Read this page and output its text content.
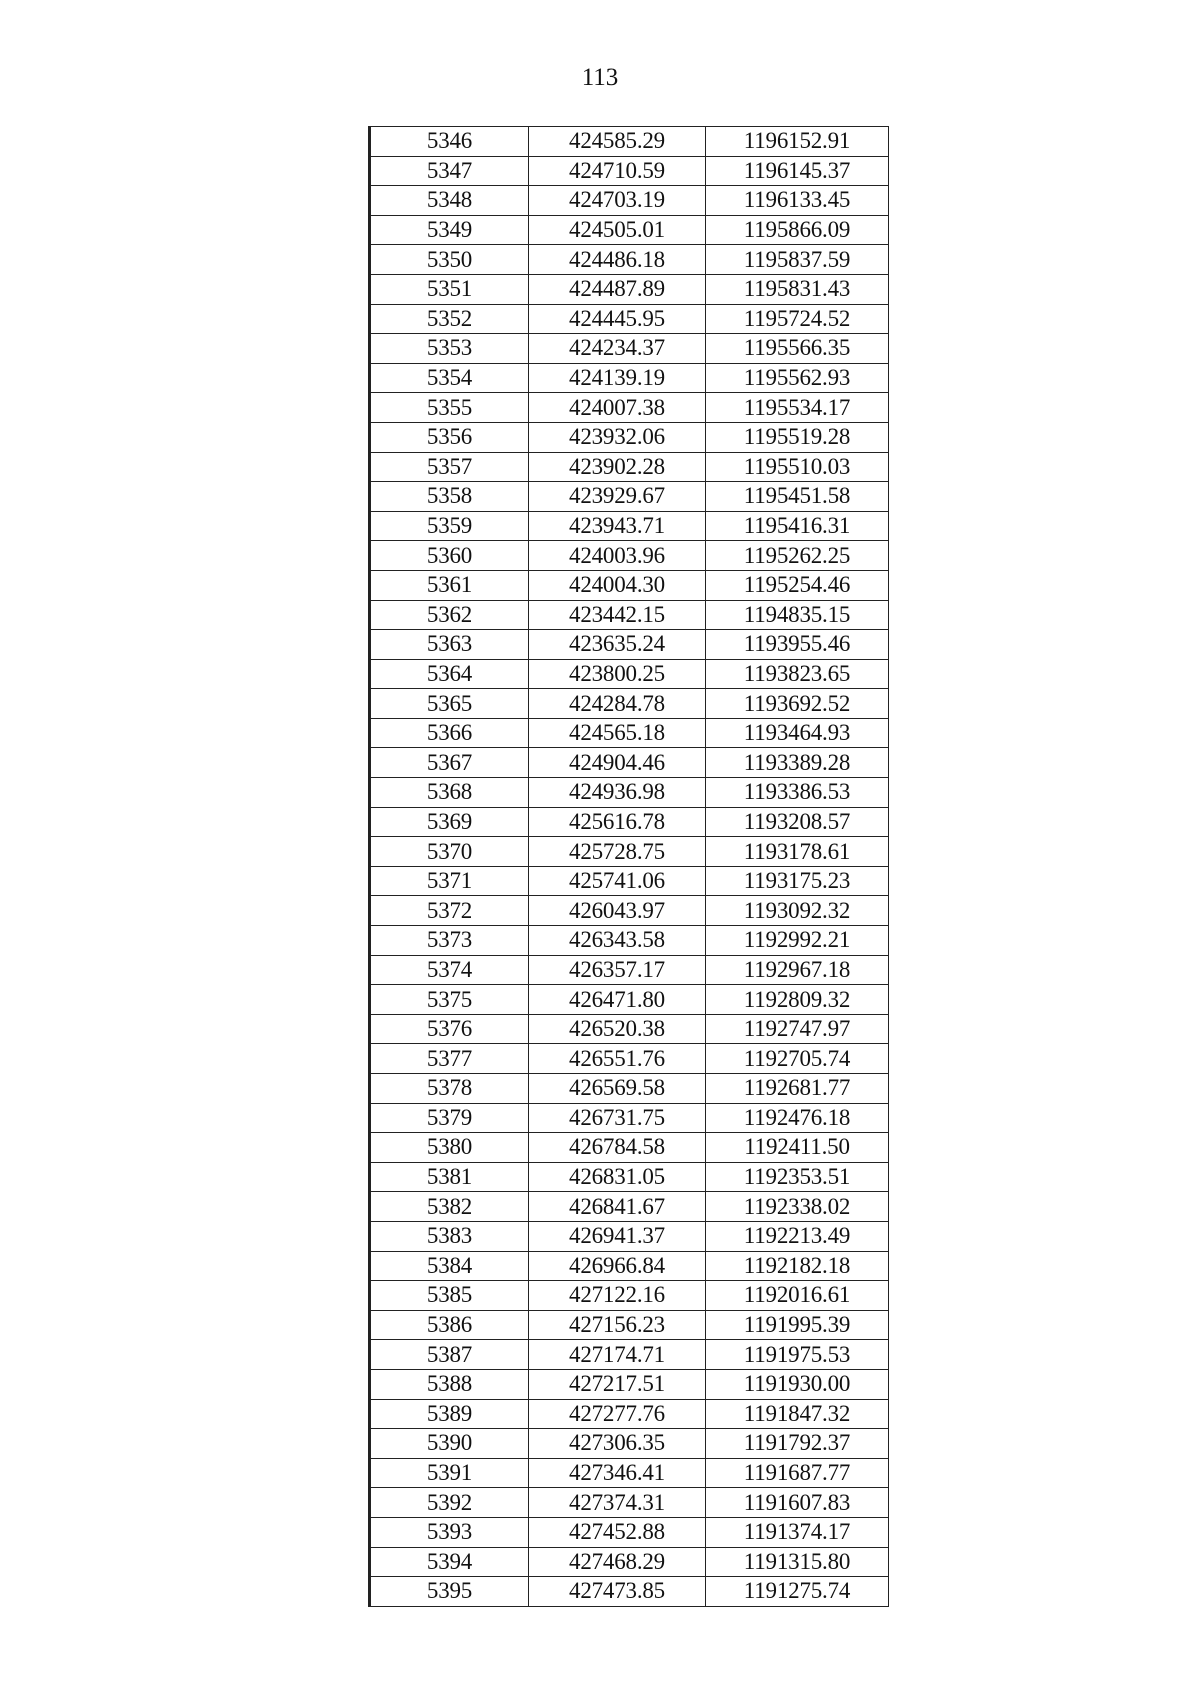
113
5346	424585.29	1196152.91
5347	424710.59	1196145.37
5348	424703.19	1196133.45
5349	424505.01	1195866.09
5350	424486.18	1195837.59
5351	424487.89	1195831.43
5352	424445.95	1195724.52
5353	424234.37	1195566.35
5354	424139.19	1195562.93
5355	424007.38	1195534.17
5356	423932.06	1195519.28
5357	423902.28	1195510.03
5358	423929.67	1195451.58
5359	423943.71	1195416.31
5360	424003.96	1195262.25
5361	424004.30	1195254.46
5362	423442.15	1194835.15
5363	423635.24	1193955.46
5364	423800.25	1193823.65
5365	424284.78	1193692.52
5366	424565.18	1193464.93
5367	424904.46	1193389.28
5368	424936.98	1193386.53
5369	425616.78	1193208.57
5370	425728.75	1193178.61
5371	425741.06	1193175.23
5372	426043.97	1193092.32
5373	426343.58	1192992.21
5374	426357.17	1192967.18
5375	426471.80	1192809.32
5376	426520.38	1192747.97
5377	426551.76	1192705.74
5378	426569.58	1192681.77
5379	426731.75	1192476.18
5380	426784.58	1192411.50
5381	426831.05	1192353.51
5382	426841.67	1192338.02
5383	426941.37	1192213.49
5384	426966.84	1192182.18
5385	427122.16	1192016.61
5386	427156.23	1191995.39
5387	427174.71	1191975.53
5388	427217.51	1191930.00
5389	427277.76	1191847.32
5390	427306.35	1191792.37
5391	427346.41	1191687.77
5392	427374.31	1191607.83
5393	427452.88	1191374.17
5394	427468.29	1191315.80
5395	427473.85	1191275.74
